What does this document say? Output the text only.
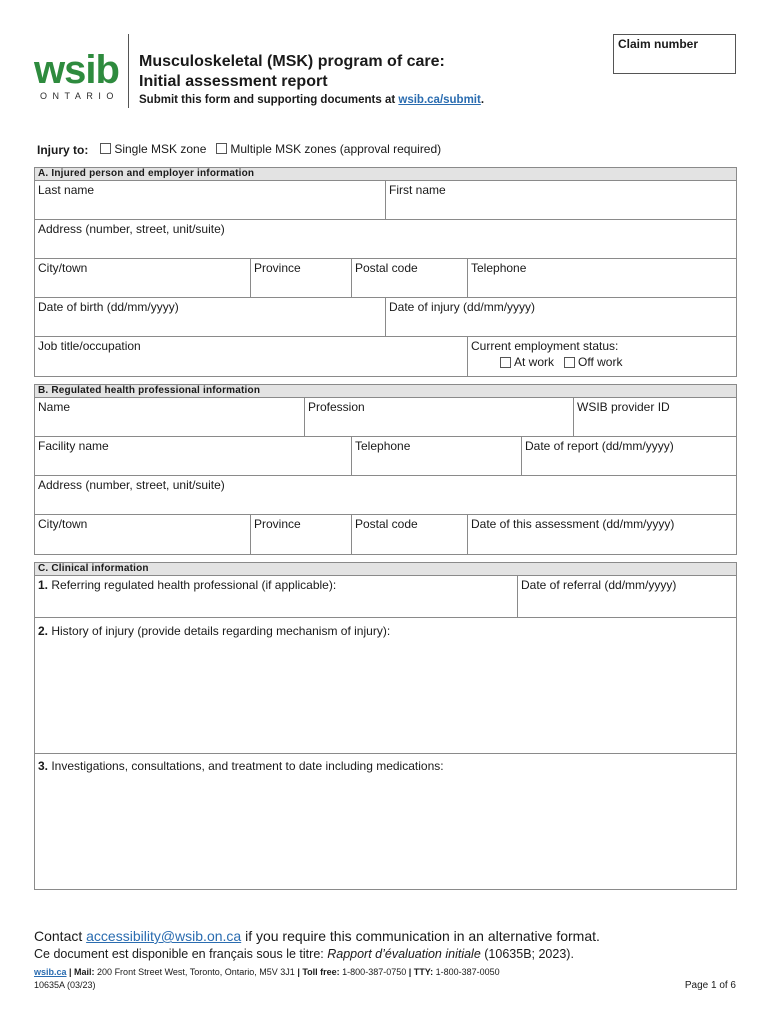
wsib
ONTARIO
Musculoskeletal (MSK) program of care:
Initial assessment report
Submit this form and supporting documents at wsib.ca/submit.
Claim number
Injury to: Single MSK zone Multiple MSK zones (approval required)
A. Injured person and employer information
Last name	First name
Address (number, street, unit/suite)
City/town	Province	Postal code	Telephone
Date of birth (dd/mm/yyyy)	Date of injury (dd/mm/yyyy)
Job title/occupation	Current employment status:
At work Off work
B. Regulated health professional information
Name	Profession	WSIB provider ID
Facility name	Telephone	Date of report (dd/mm/yyyy)
Address (number, street, unit/suite)
City/town	Province	Postal code	Date of this assessment (dd/mm/yyyy)
C. Clinical information
1. Referring regulated health professional (if applicable):	Date of referral (dd/mm/yyyy)
2. History of injury (provide details regarding mechanism of injury):
3. Investigations, consultations, and treatment to date including medications:
Contact accessibility@wsib.on.ca if you require this communication in an alternative format.
Ce document est disponible en français sous le titre: Rapport d’évaluation initiale (10635B; 2023).
wsib.ca | Mail: 200 Front Street West, Toronto, Ontario, M5V 3J1 | Toll free: 1-800-387-0750 | TTY: 1-800-387-0050
10635A (03/23)	Page 1 of 6
